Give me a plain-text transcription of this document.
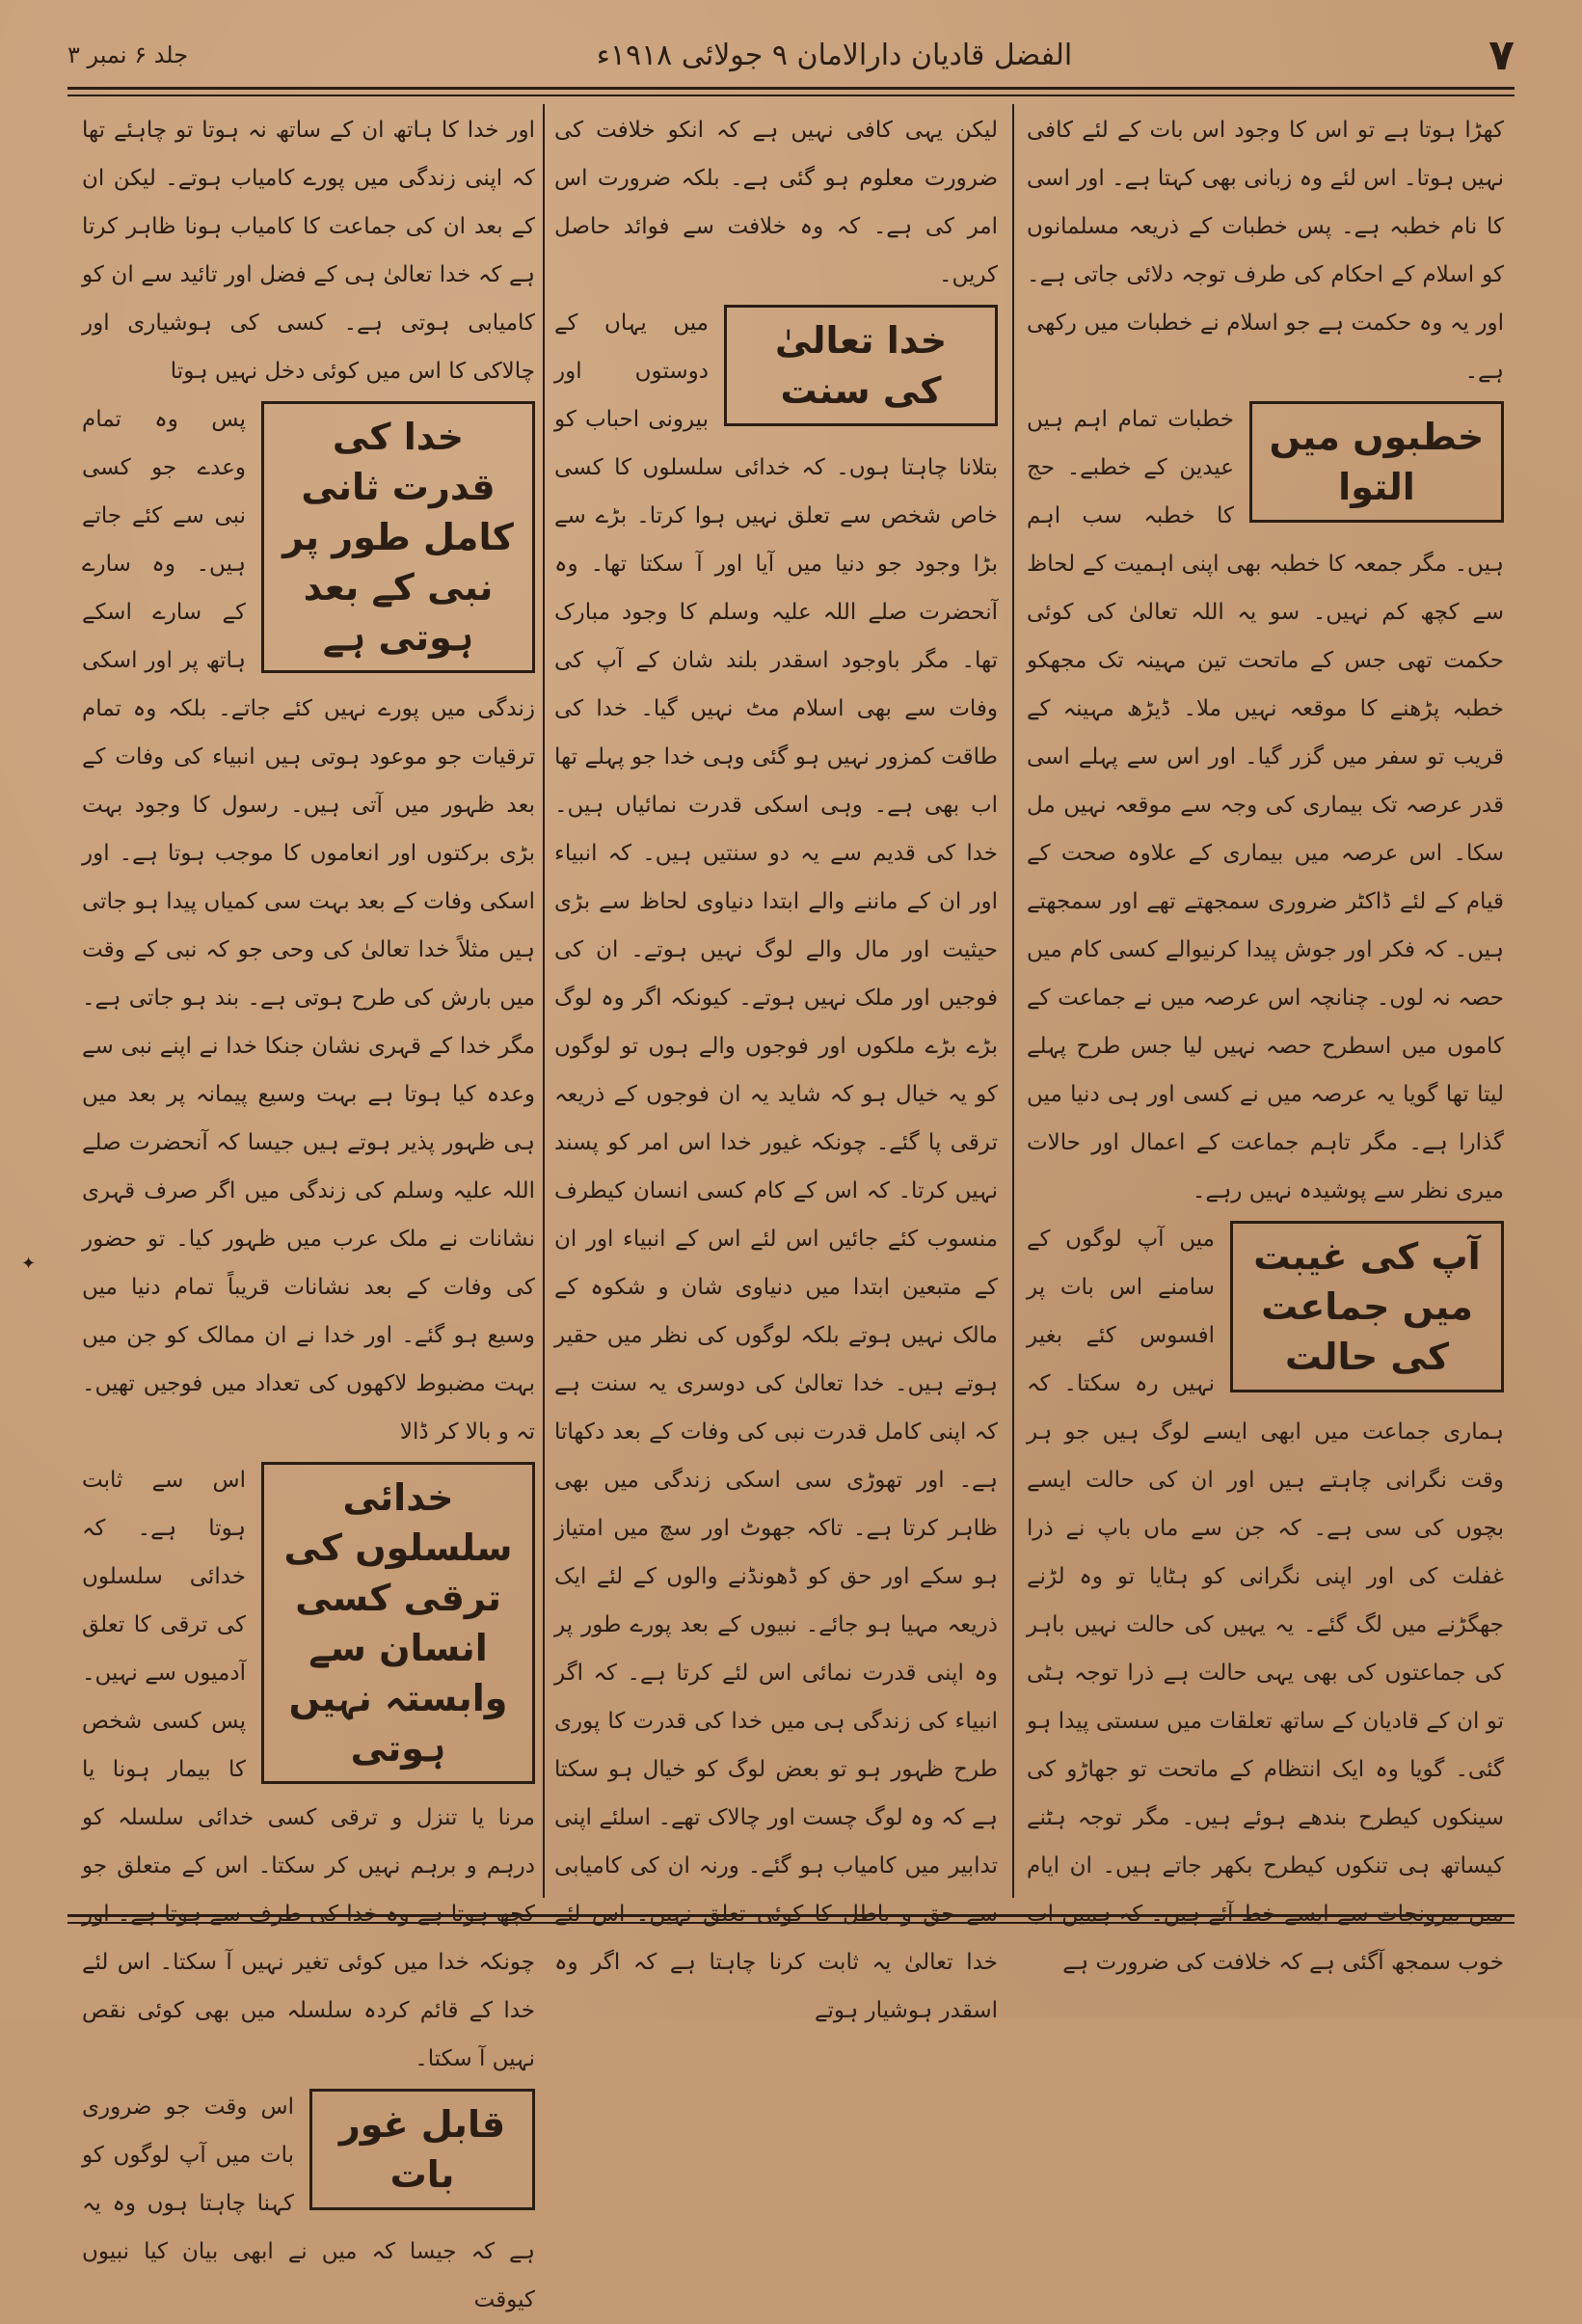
۷
الفضل قادیان دارالامان ۹ جولائی ۱۹۱۸ء
جلد ۶ نمبر ۳

کھڑا ہوتا ہے تو اس کا وجود اس بات کے لئے کافی نہیں ہوتا۔ اس لئے وہ زبانی بھی کہتا ہے۔ اور اسی کا نام خطبہ ہے۔ پس خطبات کے ذریعہ مسلمانوں کو اسلام کے احکام کی طرف توجہ دلائی جاتی ہے۔ اور یہ وہ حکمت ہے جو اسلام نے خطبات میں رکھی ہے۔

خطبوں میں التوا

خطبات تمام اہم ہیں عیدین کے خطبے۔ حج کا خطبہ سب اہم ہیں۔ مگر جمعہ کا خطبہ بھی اپنی اہمیت کے لحاظ سے کچھ کم نہیں۔ سو یہ اللہ تعالیٰ کی کوئی حکمت تھی جس کے ماتحت تین مہینہ تک مجھکو خطبہ پڑھنے کا موقعہ نہیں ملا۔ ڈیڑھ مہینہ کے قریب تو سفر میں گزر گیا۔ اور اس سے پہلے اسی قدر عرصہ تک بیماری کی وجہ سے موقعہ نہیں مل سکا۔ اس عرصہ میں بیماری کے علاوہ صحت کے قیام کے لئے ڈاکٹر ضروری سمجھتے تھے اور سمجھتے ہیں۔ کہ فکر اور جوش پیدا کرنیوالے کسی کام میں حصہ نہ لوں۔ چنانچہ اس عرصہ میں نے جماعت کے کاموں میں اسطرح حصہ نہیں لیا جس طرح پہلے لیتا تھا گویا یہ عرصہ میں نے کسی اور ہی دنیا میں گذارا ہے۔ مگر تاہم جماعت کے اعمال اور حالات میری نظر سے پوشیدہ نہیں رہے۔

آپ کی غیبت میں جماعت کی حالت

میں آپ لوگوں کے سامنے اس بات پر افسوس کئے بغیر نہیں رہ سکتا۔ کہ ہماری جماعت میں ابھی ایسے لوگ ہیں جو ہر وقت نگرانی چاہتے ہیں اور ان کی حالت ایسے بچوں کی سی ہے۔ کہ جن سے ماں باپ نے ذرا غفلت کی اور اپنی نگرانی کو ہٹایا تو وہ لڑنے جھگڑنے میں لگ گئے۔ یہ یہیں کی حالت نہیں باہر کی جماعتوں کی بھی یہی حالت ہے ذرا توجہ ہٹی تو ان کے قادیان کے ساتھ تعلقات میں سستی پیدا ہو گئی۔ گویا وہ ایک انتظام کے ماتحت تو جھاڑو کی سینکوں کیطرح بندھے ہوئے ہیں۔ مگر توجہ ہٹنے کیساتھ ہی تنکوں کیطرح بکھر جاتے ہیں۔ ان ایام میں بیرونجات سے ایسے خط آئے ہیں۔ کہ ہمیں اب خوب سمجھ آگئی ہے کہ خلافت کی ضرورت ہے

لیکن یہی کافی نہیں ہے کہ انکو خلافت کی ضرورت معلوم ہو گئی ہے۔ بلکہ ضرورت اس امر کی ہے۔ کہ وہ خلافت سے فوائد حاصل کریں۔

خدا تعالیٰ کی سنت

میں یہاں کے دوستوں اور بیرونی احباب کو بتلانا چاہتا ہوں۔ کہ خدائی سلسلوں کا کسی خاص شخص سے تعلق نہیں ہوا کرتا۔ بڑے سے بڑا وجود جو دنیا میں آیا اور آ سکتا تھا۔ وہ آنحضرت صلے اللہ علیہ وسلم کا وجود مبارک تھا۔ مگر باوجود اسقدر بلند شان کے آپ کی وفات سے بھی اسلام مٹ نہیں گیا۔ خدا کی طاقت کمزور نہیں ہو گئی وہی خدا جو پہلے تھا اب بھی ہے۔ وہی اسکی قدرت نمائیاں ہیں۔ خدا کی قدیم سے یہ دو سنتیں ہیں۔ کہ انبیاء اور ان کے ماننے والے ابتدا دنیاوی لحاظ سے بڑی حیثیت اور مال والے لوگ نہیں ہوتے۔ ان کی فوجیں اور ملک نہیں ہوتے۔ کیونکہ اگر وہ لوگ بڑے بڑے ملکوں اور فوجوں والے ہوں تو لوگوں کو یہ خیال ہو کہ شاید یہ ان فوجوں کے ذریعہ ترقی پا گئے۔ چونکہ غیور خدا اس امر کو پسند نہیں کرتا۔ کہ اس کے کام کسی انسان کیطرف منسوب کئے جائیں اس لئے اس کے انبیاء اور ان کے متبعین ابتدا میں دنیاوی شان و شکوہ کے مالک نہیں ہوتے بلکہ لوگوں کی نظر میں حقیر ہوتے ہیں۔ خدا تعالیٰ کی دوسری یہ سنت ہے کہ اپنی کامل قدرت نبی کی وفات کے بعد دکھاتا ہے۔ اور تھوڑی سی اسکی زندگی میں بھی ظاہر کرتا ہے۔ تاکہ جھوٹ اور سچ میں امتیاز ہو سکے اور حق کو ڈھونڈنے والوں کے لئے ایک ذریعہ مہیا ہو جائے۔ نبیوں کے بعد پورے طور پر وہ اپنی قدرت نمائی اس لئے کرتا ہے۔ کہ اگر انبیاء کی زندگی ہی میں خدا کی قدرت کا پوری طرح ظہور ہو تو بعض لوگ کو خیال ہو سکتا ہے کہ وہ لوگ چست اور چالاک تھے۔ اسلئے اپنی تدابیر میں کامیاب ہو گئے۔ ورنہ ان کی کامیابی سے حق و باطل کا کوئی تعلق نہیں۔ اس لئے خدا تعالیٰ یہ ثابت کرنا چاہتا ہے کہ اگر وہ اسقدر ہوشیار ہوتے

اور خدا کا ہاتھ ان کے ساتھ نہ ہوتا تو چاہئے تھا کہ اپنی زندگی میں پورے کامیاب ہوتے۔ لیکن ان کے بعد ان کی جماعت کا کامیاب ہونا ظاہر کرتا ہے کہ خدا تعالیٰ ہی کے فضل اور تائید سے ان کو کامیابی ہوتی ہے۔ کسی کی ہوشیاری اور چالاکی کا اس میں کوئی دخل نہیں ہوتا

خدا کی قدرت ثانی کامل طور پر نبی کے بعد ہوتی ہے

پس وہ تمام وعدے جو کسی نبی سے کئے جاتے ہیں۔ وہ سارے کے سارے اسکے ہاتھ پر اور اسکی زندگی میں پورے نہیں کئے جاتے۔ بلکہ وہ تمام ترقیات جو موعود ہوتی ہیں انبیاء کی وفات کے بعد ظہور میں آتی ہیں۔ رسول کا وجود بہت بڑی برکتوں اور انعاموں کا موجب ہوتا ہے۔ اور اسکی وفات کے بعد بہت سی کمیاں پیدا ہو جاتی ہیں مثلاً خدا تعالیٰ کی وحی جو کہ نبی کے وقت میں بارش کی طرح ہوتی ہے۔ بند ہو جاتی ہے۔ مگر خدا کے قہری نشان جنکا خدا نے اپنے نبی سے وعدہ کیا ہوتا ہے بہت وسیع پیمانہ پر بعد میں ہی ظہور پذیر ہوتے ہیں جیسا کہ آنحضرت صلے اللہ علیہ وسلم کی زندگی میں اگر صرف قہری نشانات نے ملک عرب میں ظہور کیا۔ تو حضور کی وفات کے بعد نشانات قریباً تمام دنیا میں وسیع ہو گئے۔ اور خدا نے ان ممالک کو جن میں بہت مضبوط لاکھوں کی تعداد میں فوجیں تھیں۔ تہ و بالا کر ڈالا

خدائی سلسلوں کی ترقی کسی انسان سے وابستہ نہیں ہوتی

اس سے ثابت ہوتا ہے۔ کہ خدائی سلسلوں کی ترقی کا تعلق آدمیوں سے نہیں۔ پس کسی شخص کا بیمار ہونا یا مرنا یا تنزل و ترقی کسی خدائی سلسلہ کو درہم و برہم نہیں کر سکتا۔ اس کے متعلق جو کچھ ہوتا ہے وہ خدا کی طرف سے ہوتا ہے۔ اور چونکہ خدا میں کوئی تغیر نہیں آ سکتا۔ اس لئے خدا کے قائم کردہ سلسلہ میں بھی کوئی نقص نہیں آ سکتا۔

قابل غور بات

اس وقت جو ضروری بات میں آپ لوگوں کو کہنا چاہتا ہوں وہ یہ ہے کہ جیسا کہ میں نے ابھی بیان کیا نبیوں کیوقت

✦
